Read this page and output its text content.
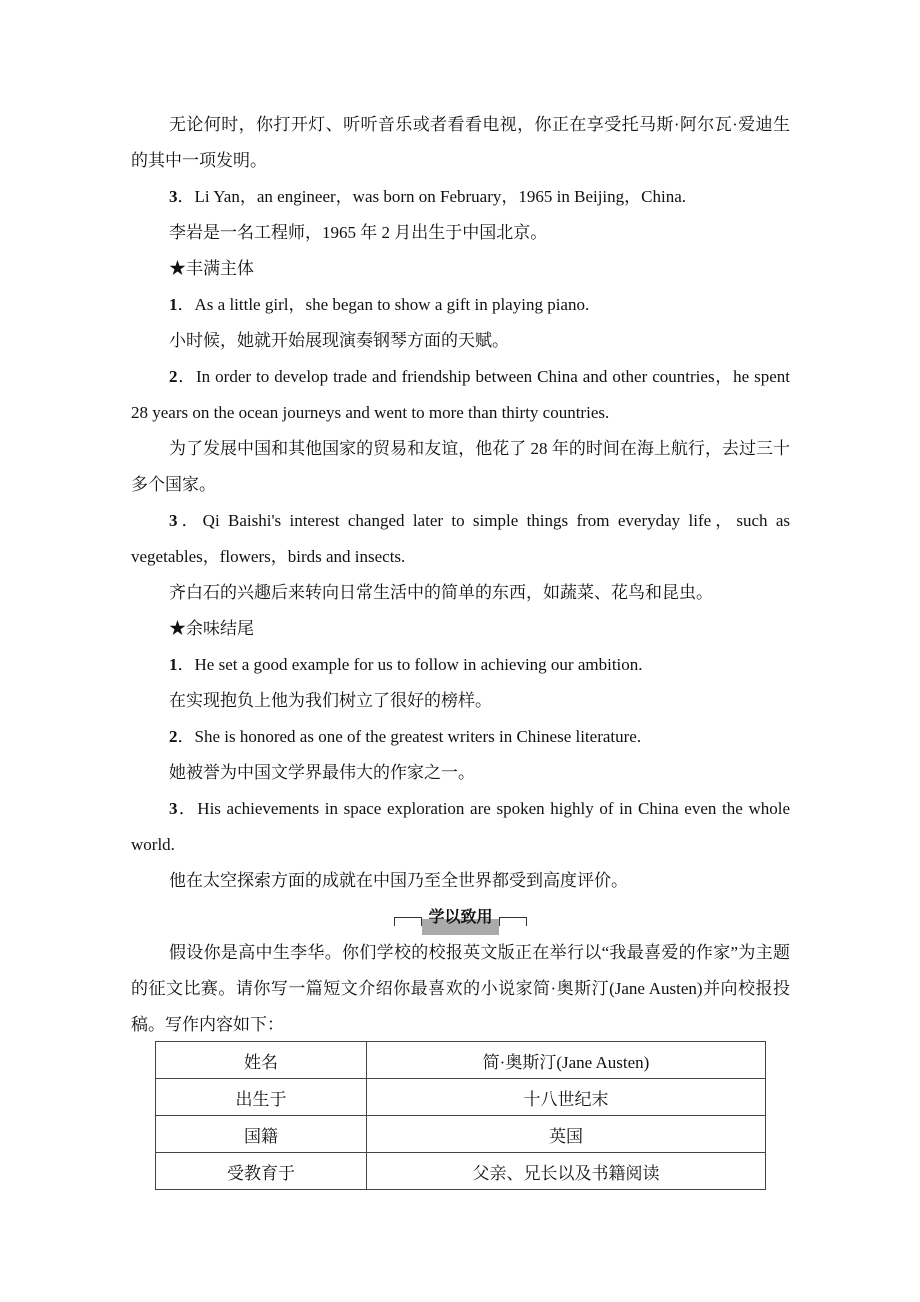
无论何时，你打开灯、听听音乐或者看看电视，你正在享受托马斯·阿尔瓦·爱迪生的其中一项发明。

3．Li Yan，an engineer，was born on February，1965 in Beijing，China.

李岩是一名工程师，1965 年 2 月出生于中国北京。

★丰满主体

1．As a little girl，she began to show a gift in playing piano.

小时候，她就开始展现演奏钢琴方面的天赋。

2．In order to develop trade and friendship between China and other countries，he spent 28 years on the ocean journeys and went to more than thirty countries.

为了发展中国和其他国家的贸易和友谊，他花了 28 年的时间在海上航行，去过三十多个国家。

3．Qi Baishi's interest changed later to simple things from everyday life，such as vegetables，flowers，birds and insects.

齐白石的兴趣后来转向日常生活中的简单的东西，如蔬菜、花鸟和昆虫。

★余味结尾

1．He set a good example for us to follow in achieving our ambition.

在实现抱负上他为我们树立了很好的榜样。

2．She is honored as one of the greatest writers in Chinese literature.

她被誉为中国文学界最伟大的作家之一。

3．His achievements in space exploration are spoken highly of in China even the whole world.

他在太空探索方面的成就在中国乃至全世界都受到高度评价。

学以致用

假设你是高中生李华。你们学校的校报英文版正在举行以“我最喜爱的作家”为主题的征文比赛。请你写一篇短文介绍你最喜欢的小说家简·奥斯汀(Jane Austen)并向校报投稿。写作内容如下：

姓名	简·奥斯汀(Jane Austen)
出生于	十八世纪末
国籍	英国
受教育于	父亲、兄长以及书籍阅读
